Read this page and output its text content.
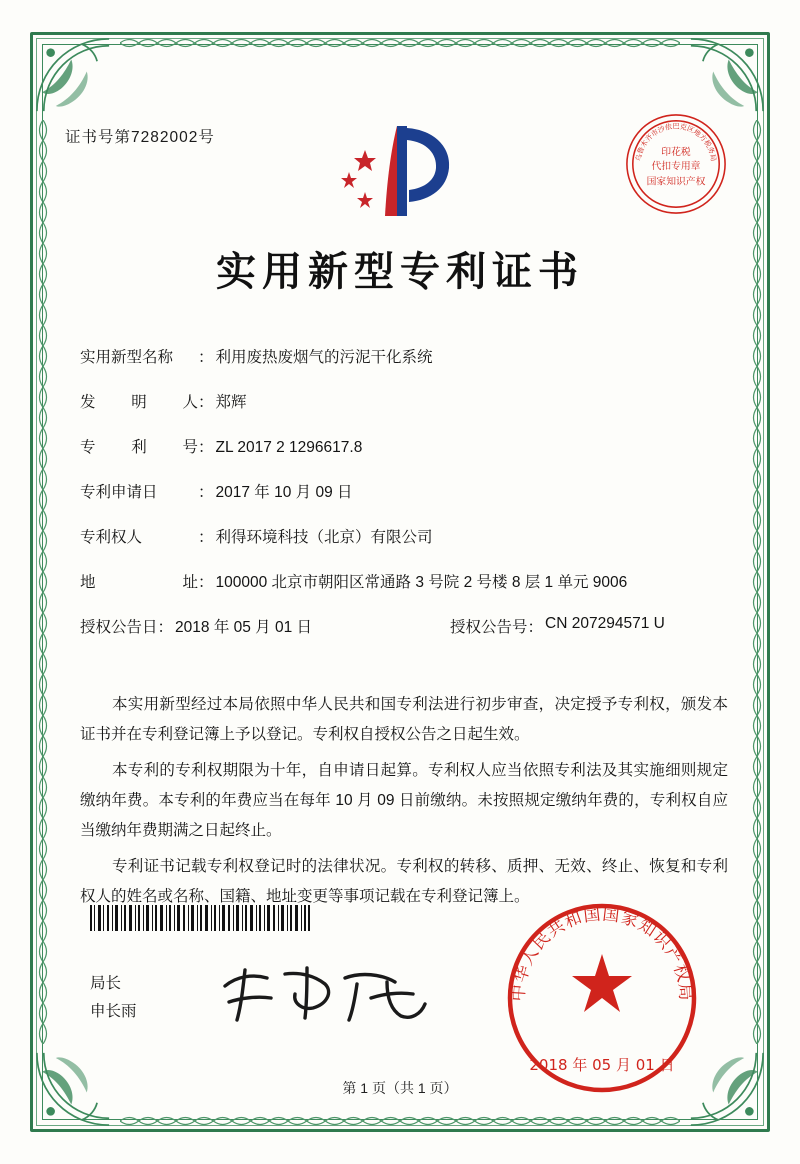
证书号第7282002号
乌鲁木齐市沙依巴克区地方税务局
印花税
代扣专用章
国家知识产权
实用新型专利证书
实用新型名称	： 利用废热废烟气的污泥干化系统
发 明 人 ： 郑辉
专 利 号 ： ZL 2017 2 1296617.8
专利申请日	： 2017 年 10 月 09 日
专利权人	： 利得环境科技（北京）有限公司
地	址 ： 100000 北京市朝阳区常通路 3 号院 2 号楼 8 层 1 单元 9006
授权公告日 ： 2018 年 05 月 01 日	授权公告号 ： CN 207294571 U

本实用新型经过本局依照中华人民共和国专利法进行初步审查，决定授予专利权，颁发本证书并在专利登记簿上予以登记。专利权自授权公告之日起生效。

本专利的专利权期限为十年，自申请日起算。专利权人应当依照专利法及其实施细则规定缴纳年费。本专利的年费应当在每年 10 月 09 日前缴纳。未按照规定缴纳年费的，专利权自应当缴纳年费期满之日起终止。

专利证书记载专利权登记时的法律状况。专利权的转移、质押、无效、终止、恢复和专利权人的姓名或名称、国籍、地址变更等事项记载在专利登记簿上。

局长
申长雨
中华人民共和国国家知识产权局
2018 年 05 月 01 日
第 1 页（共 1 页）
